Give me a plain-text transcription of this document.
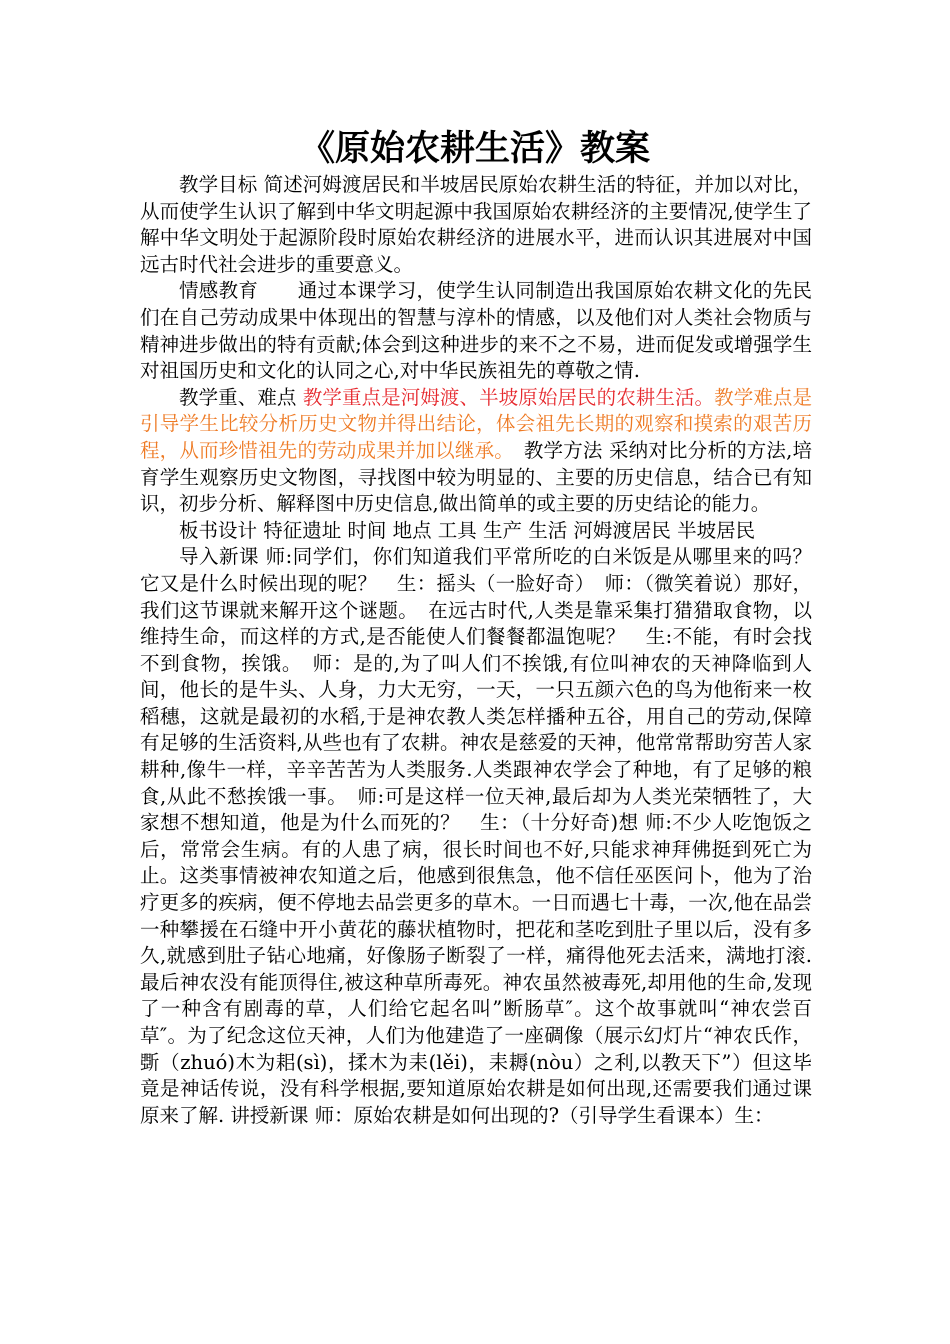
《原始农耕生活》教案

教学目标 简述河姆渡居民和半坡居民原始农耕生活的特征，并加以对比，从而使学生认识了解到中华文明起源中我国原始农耕经济的主要情况,使学生了解中华文明处于起源阶段时原始农耕经济的进展水平，进而认识其进展对中国远古时代社会进步的重要意义。

情感教育　　通过本课学习，使学生认同制造出我国原始农耕文化的先民们在自己劳动成果中体现出的智慧与淳朴的情感，以及他们对人类社会物质与精神进步做出的特有贡献;体会到这种进步的来不之不易，进而促发或增强学生对祖国历史和文化的认同之心,对中华民族祖先的尊敬之情.

教学重、难点 教学重点是河姆渡、半坡原始居民的农耕生活。教学难点是引导学生比较分析历史文物并得出结论，体会祖先长期的观察和摸索的艰苦历程，从而珍惜祖先的劳动成果并加以继承。　教学方法 采纳对比分析的方法,培育学生观察历史文物图，寻找图中较为明显的、主要的历史信息，结合已有知识，初步分析、解释图中历史信息,做出简单的或主要的历史结论的能力。

板书设计 特征遗址 时间 地点 工具 生产 生活 河姆渡居民 半坡居民

导入新课 师:同学们，你们知道我们平常所吃的白米饭是从哪里来的吗？它又是什么时候出现的呢？　生：摇头（一脸好奇）　师：（微笑着说）那好，我们这节课就来解开这个谜题。　在远古时代,人类是靠采集打猎猎取食物，以维持生命，而这样的方式,是否能使人们餐餐都温饱呢？　生:不能，有时会找不到食物，挨饿。　师：是的,为了叫人们不挨饿,有位叫神农的天神降临到人间，他长的是牛头、人身，力大无穷，一天，一只五颜六色的鸟为他衔来一枚稻穗，这就是最初的水稻,于是神农教人类怎样播种五谷，用自己的劳动,保障有足够的生活资料,从些也有了农耕。神农是慈爱的天神，他常常帮助穷苦人家耕种,像牛一样，辛辛苦苦为人类服务.人类跟神农学会了种地，有了足够的粮食,从此不愁挨饿一事。　师:可是这样一位天神,最后却为人类光荣牺牲了，大家想不想知道，他是为什么而死的？　生：（十分好奇)想 师:不少人吃饱饭之后，常常会生病。有的人患了病，很长时间也不好,只能求神拜佛挺到死亡为止。这类事情被神农知道之后，他感到很焦急，他不信任巫医问卜，他为了治疗更多的疾病，便不停地去品尝更多的草木。一日而遇七十毒，一次,他在品尝一种攀援在石缝中开小黄花的藤状植物时，把花和茎吃到肚子里以后，没有多久,就感到肚子钻心地痛，好像肠子断裂了一样，痛得他死去活来，满地打滚.最后神农没有能顶得住,被这种草所毒死。神农虽然被毒死,却用他的生命,发现了一种含有剧毒的草，人们给它起名叫”断肠草″。这个故事就叫“神农尝百草″。为了纪念这位天神，人们为他建造了一座碉像（展示幻灯片“神农氏作，斲（zhuó)木为耜(sì)，揉木为耒(lěi)，耒耨(nòu）之利,以教天下”）但这毕竟是神话传说，没有科学根据,要知道原始农耕是如何出现,还需要我们通过课原来了解. 讲授新课 师：原始农耕是如何出现的?（引导学生看课本）生：
